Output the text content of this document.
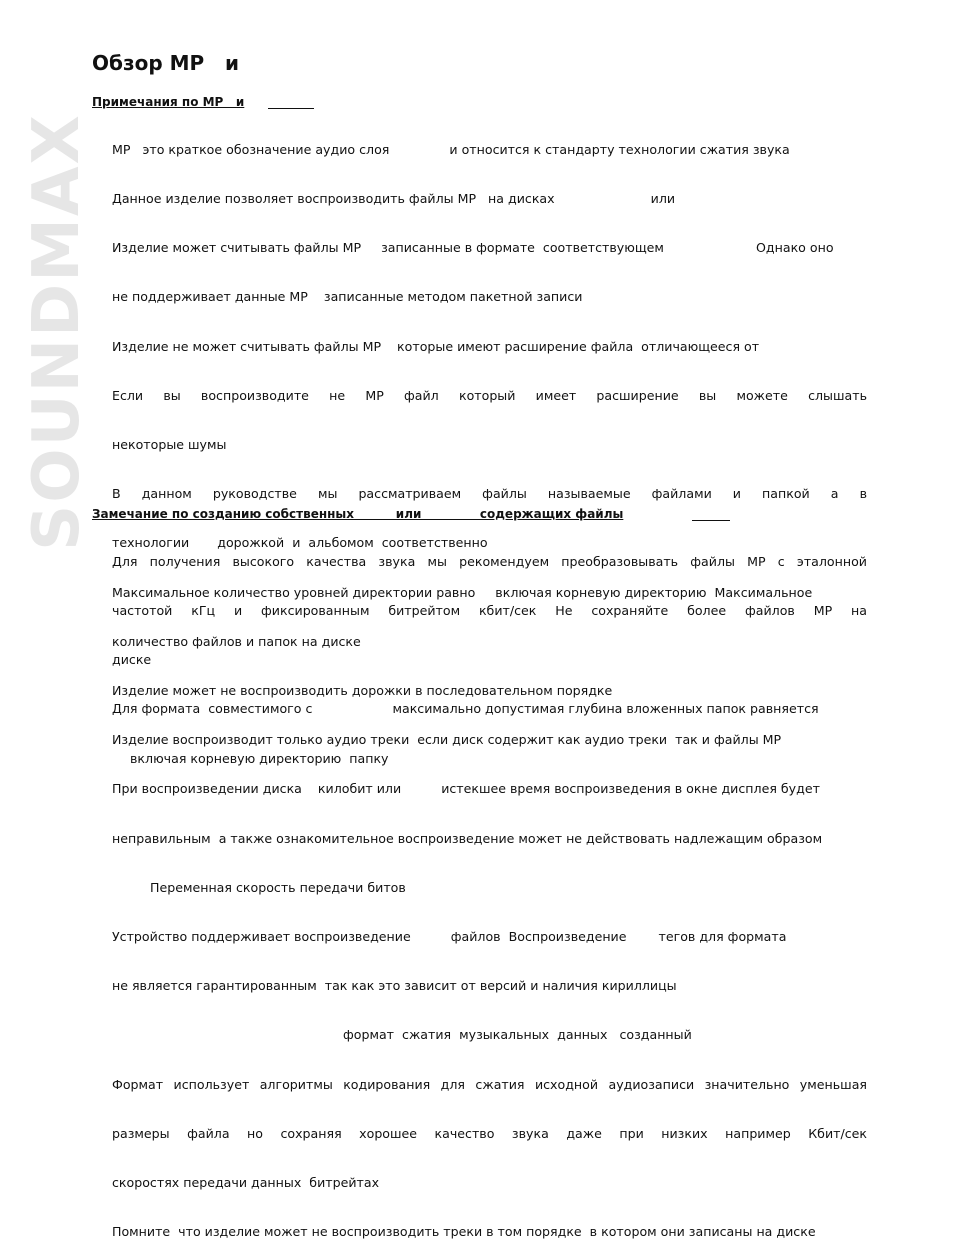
SOUNDMAX
Обзор MP   и
Примечания по MP   и

MP   это краткое обозначение аудио слоя               и относится к стандарту технологии сжатия звука

Данное изделие позволяет воспроизводить файлы MP   на дисках                        или

Изделие может считывать файлы MP     записанные в формате  соответствующем                       Однако оно

не поддерживает данные MP    записанные методом пакетной записи

Изделие не может считывать файлы MP    которые имеют расширение файла  отличающееся от

Если вы воспроизводите не MP файл который имеет расширение вы можете слышать

некоторые шумы

В данном руководстве мы рассматриваем файлы называемые файлами и папкой а в

технологии       дорожкой  и  альбомом  соответственно

Максимальное количество уровней директории равно     включая корневую директорию  Максимальное

количество файлов и папок на диске

Изделие может не воспроизводить дорожки в последовательном порядке

Изделие воспроизводит только аудио треки  если диск содержит как аудио треки  так и файлы MP

При воспроизведении диска    килобит или          истекшее время воспроизведения в окне дисплея будет

неправильным  а также ознакомительное воспроизведение может не действовать надлежащим образом

Переменная скорость передачи битов

Устройство поддерживает воспроизведение          файлов  Воспроизведение        тегов для формата

не является гарантированным  так как это зависит от версий и наличия кириллицы

формат  сжатия  музыкальных  данных   созданный

Формат использует алгоритмы кодирования для сжатия исходной аудиозаписи значительно уменьшая

размеры файла но сохраняя хорошее качество звука даже при низких например Кбит/сек

скоростях передачи данных  битрейтах

Помните  что изделие может не воспроизводить треки в том порядке  в котором они записаны на диске

Замечание по созданию собственных          или              содержащих файлы

Для получения высокого качества звука мы рекомендуем преобразовывать файлы MP с эталонной

частотой кГц и фиксированным битрейтом кбит/сек Не сохраняйте более файлов MP на

диске

Для формата  совместимого с                    максимально допустимая глубина вложенных папок равняется

включая корневую директорию  папку
